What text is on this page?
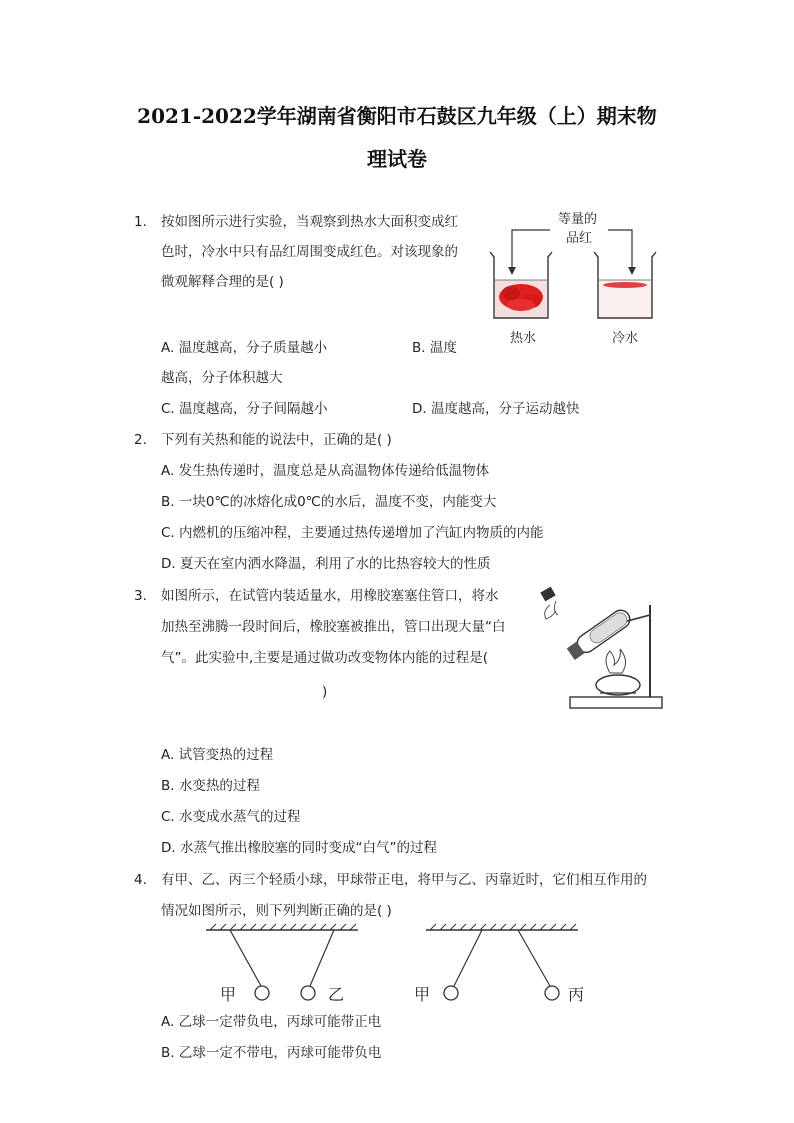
2021-2022学年湖南省衡阳市石鼓区九年级（上）期末物
理试卷
1. 按如图所示进行实验，当观察到热水大面积变成红
色时，冷水中只有品红周围变成红色。对该现象的
微观解释合理的是( )
等量的
品红
热水	冷水
A. 温度越高，分子质量越小	B. 温度
越高，分子体积越大
C. 温度越高，分子间隔越小	D. 温度越高，分子运动越快
2. 下列有关热和能的说法中，正确的是( )
A. 发生热传递时，温度总是从高温物体传递给低温物体
B. 一块0℃的冰熔化成0℃的水后，温度不变，内能变大
C. 内燃机的压缩冲程，主要通过热传递增加了汽缸内物质的内能
D. 夏天在室内洒水降温，利用了水的比热容较大的性质
3. 如图所示，在试管内装适量水，用橡胶塞塞住管口，将水
加热至沸腾一段时间后，橡胶塞被推出，管口出现大量“白
气”。此实验中,主要是通过做功改变物体内能的过程是(
)
A. 试管变热的过程
B. 水变热的过程
C. 水变成水蒸气的过程
D. 水蒸气推出橡胶塞的同时变成“白气”的过程
4. 有甲、乙、丙三个轻质小球，甲球带正电，将甲与乙、丙靠近时，它们相互作用的
情况如图所示，则下列判断正确的是( )
甲	乙	甲	丙
A. 乙球一定带负电，丙球可能带正电
B. 乙球一定不带电，丙球可能带负电
